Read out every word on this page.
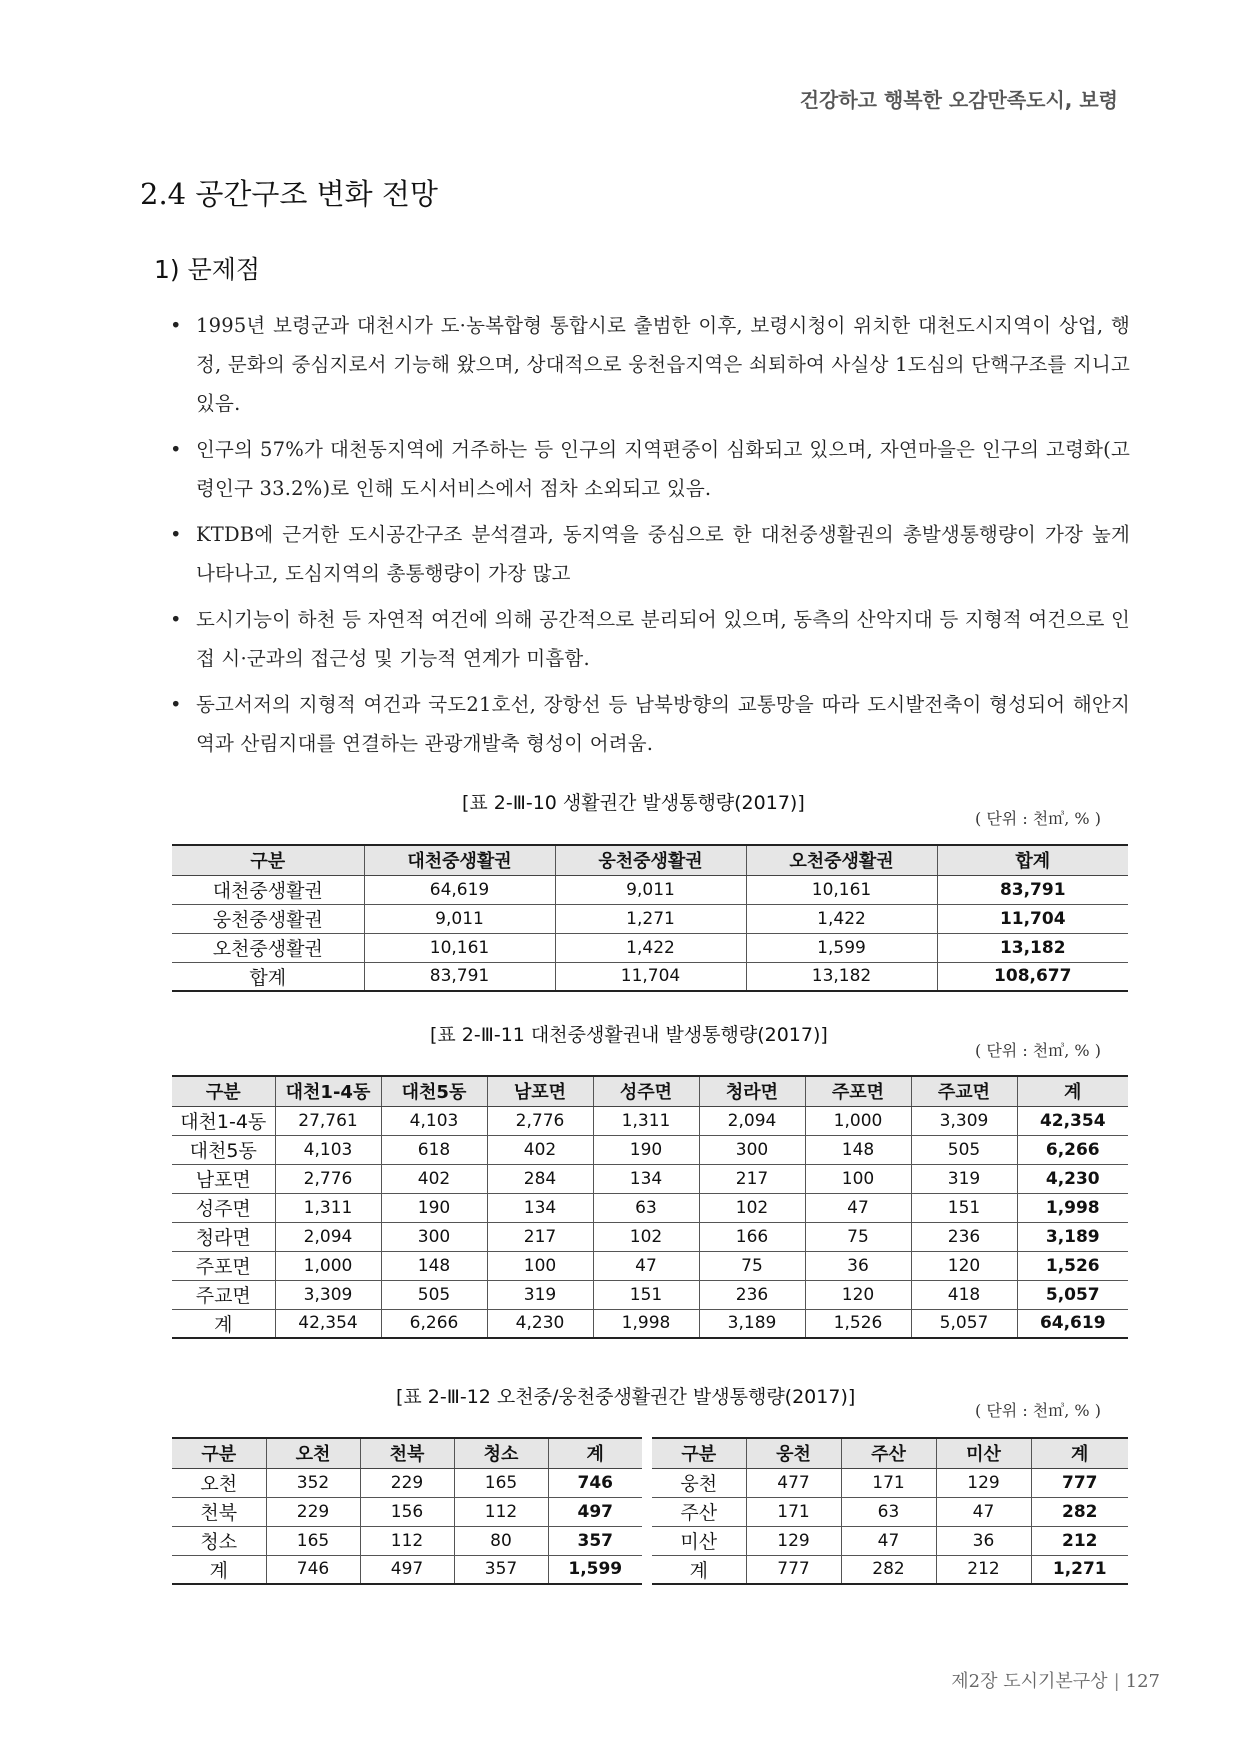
건강하고 행복한 오감만족도시, 보령
2.4 공간구조 변화 전망
1) 문제점
• 1995년 보령군과 대천시가 도·농복합형 통합시로 출범한 이후, 보령시청이 위치한 대천도시지역이 상업, 행정, 문화의 중심지로서 기능해 왔으며, 상대적으로 웅천읍지역은 쇠퇴하여 사실상 1도심의 단핵구조를 지니고 있음.
• 인구의 57%가 대천동지역에 거주하는 등 인구의 지역편중이 심화되고 있으며, 자연마을은 인구의 고령화(고령인구 33.2%)로 인해 도시서비스에서 점차 소외되고 있음.
• KTDB에 근거한 도시공간구조 분석결과, 동지역을 중심으로 한 대천중생활권의 총발생통행량이 가장 높게 나타나고, 도심지역의 총통행량이 가장 많고
• 도시기능이 하천 등 자연적 여건에 의해 공간적으로 분리되어 있으며, 동측의 산악지대 등 지형적 여건으로 인접 시·군과의 접근성 및 기능적 연계가 미흡함.
• 동고서저의 지형적 여건과 국도21호선, 장항선 등 남북방향의 교통망을 따라 도시발전축이 형성되어 해안지역과 산림지대를 연결하는 관광개발축 형성이 어려움.
[표 2-Ⅲ-10 생활권간 발생통행량(2017)]
( 단위 : 천㎥, % )
구분	대천중생활권	웅천중생활권	오천중생활권	합계
대천중생활권	64,619	9,011	10,161	83,791
웅천중생활권	9,011	1,271	1,422	11,704
오천중생활권	10,161	1,422	1,599	13,182
합계	83,791	11,704	13,182	108,677
[표 2-Ⅲ-11 대천중생활권내 발생통행량(2017)]
( 단위 : 천㎥, % )
구분	대천1-4동	대천5동	남포면	성주면	청라면	주포면	주교면	계
대천1-4동	27,761	4,103	2,776	1,311	2,094	1,000	3,309	42,354
대천5동	4,103	618	402	190	300	148	505	6,266
남포면	2,776	402	284	134	217	100	319	4,230
성주면	1,311	190	134	63	102	47	151	1,998
청라면	2,094	300	217	102	166	75	236	3,189
주포면	1,000	148	100	47	75	36	120	1,526
주교면	3,309	505	319	151	236	120	418	5,057
계	42,354	6,266	4,230	1,998	3,189	1,526	5,057	64,619
[표 2-Ⅲ-12 오천중/웅천중생활권간 발생통행량(2017)]
( 단위 : 천㎥, % )
구분	오천	천북	청소	계
오천	352	229	165	746
천북	229	156	112	497
청소	165	112	80	357
계	746	497	357	1,599
구분	웅천	주산	미산	계
웅천	477	171	129	777
주산	171	63	47	282
미산	129	47	36	212
계	777	282	212	1,271
제2장 도시기본구상 | 127
